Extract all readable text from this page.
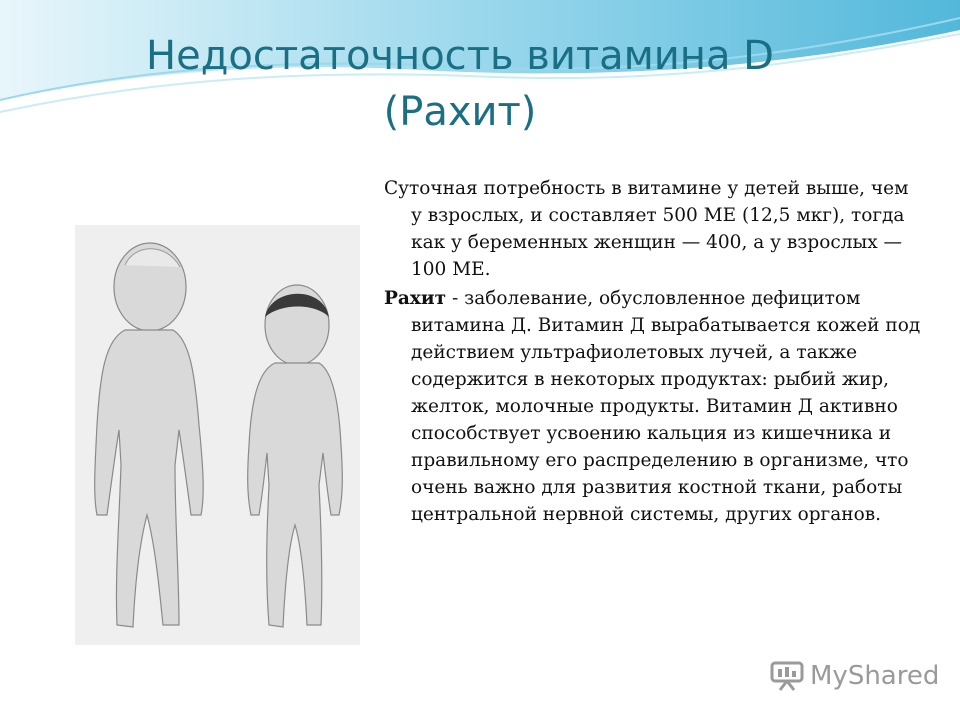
Недостаточность витамина D
(Рахит)

Суточная потребность в витамине у детей выше, чем у взрослых, и составляет 500 МЕ (12,5 мкг), тогда как у беременных женщин — 400, а у взрослых — 100 МЕ.

Рахит - заболевание, обусловленное дефицитом витамина Д. Витамин Д вырабатывается кожей под действием ультрафиолетовых лучей, а также содержится в некоторых продуктах: рыбий жир, желток, молочные продукты. Витамин Д активно способствует усвоению кальция из кишечника и правильному его распределению в организме, что очень важно для развития костной ткани, работы центральной нервной системы, других органов.

MyShared
